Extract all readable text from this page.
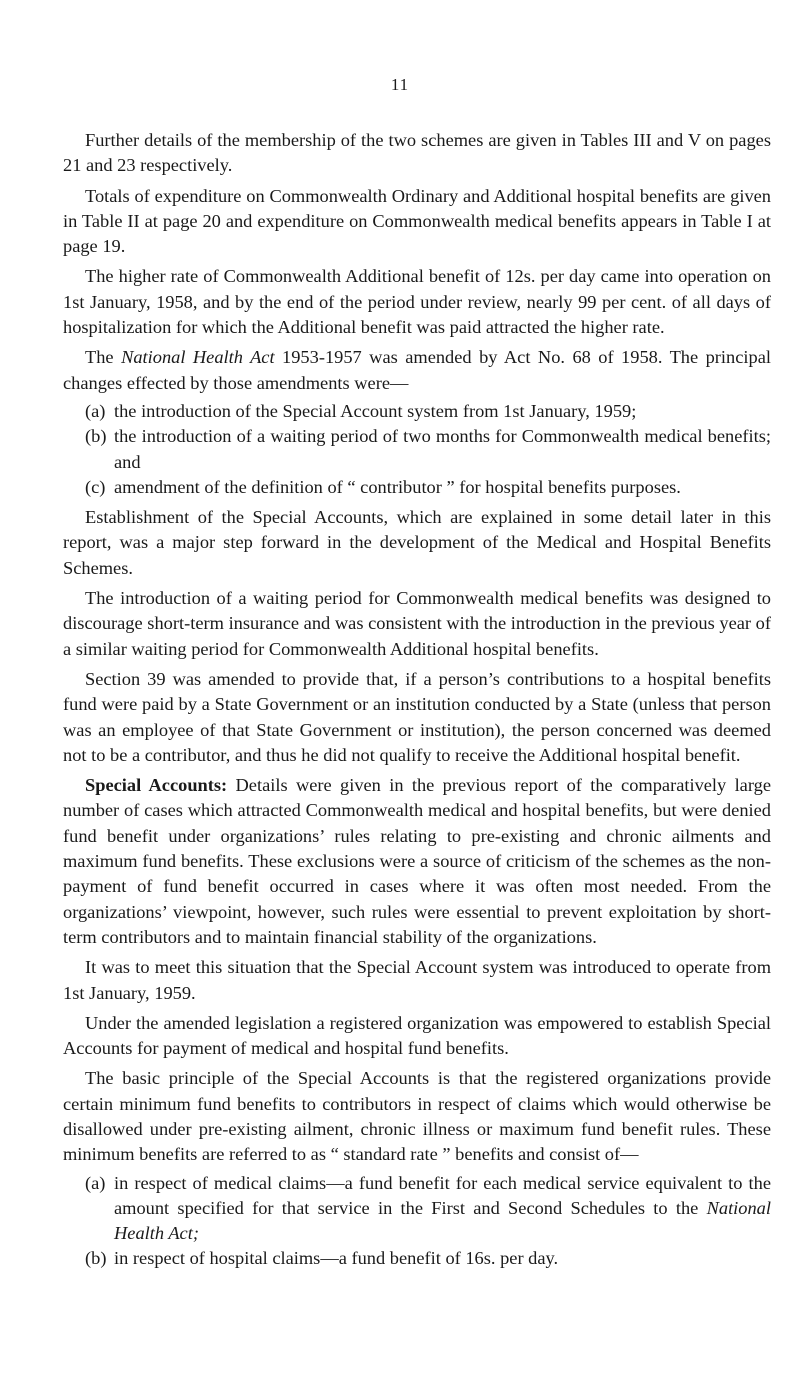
11

Further details of the membership of the two schemes are given in Tables III and V on pages 21 and 23 respectively.

Totals of expenditure on Commonwealth Ordinary and Additional hospital benefits are given in Table II at page 20 and expenditure on Commonwealth medical benefits appears in Table I at page 19.

The higher rate of Commonwealth Additional benefit of 12s. per day came into operation on 1st January, 1958, and by the end of the period under review, nearly 99 per cent. of all days of hospitalization for which the Additional benefit was paid attracted the higher rate.

The National Health Act 1953-1957 was amended by Act No. 68 of 1958. The principal changes effected by those amendments were—

(a) the introduction of the Special Account system from 1st January, 1959;
(b) the introduction of a waiting period of two months for Commonwealth medical benefits; and
(c) amendment of the definition of “ contributor ” for hospital benefits purposes.

Establishment of the Special Accounts, which are explained in some detail later in this report, was a major step forward in the development of the Medical and Hospital Benefits Schemes.

The introduction of a waiting period for Commonwealth medical benefits was designed to discourage short-term insurance and was consistent with the introduction in the previous year of a similar waiting period for Commonwealth Additional hospital benefits.

Section 39 was amended to provide that, if a person’s contributions to a hospital benefits fund were paid by a State Government or an institution conducted by a State (unless that person was an employee of that State Government or institution), the person concerned was deemed not to be a contributor, and thus he did not qualify to receive the Additional hospital benefit.

Special Accounts: Details were given in the previous report of the comparatively large number of cases which attracted Commonwealth medical and hospital benefits, but were denied fund benefit under organizations’ rules relating to pre-existing and chronic ailments and maximum fund benefits. These exclusions were a source of criticism of the schemes as the non-payment of fund benefit occurred in cases where it was often most needed. From the organizations’ viewpoint, however, such rules were essential to prevent exploitation by short-term contributors and to maintain financial stability of the organizations.

It was to meet this situation that the Special Account system was introduced to operate from 1st January, 1959.

Under the amended legislation a registered organization was empowered to establish Special Accounts for payment of medical and hospital fund benefits.

The basic principle of the Special Accounts is that the registered organizations provide certain minimum fund benefits to contributors in respect of claims which would otherwise be disallowed under pre-existing ailment, chronic illness or maximum fund benefit rules. These minimum benefits are referred to as “ standard rate ” benefits and consist of—

(a) in respect of medical claims—a fund benefit for each medical service equivalent to the amount specified for that service in the First and Second Schedules to the National Health Act;
(b) in respect of hospital claims—a fund benefit of 16s. per day.
